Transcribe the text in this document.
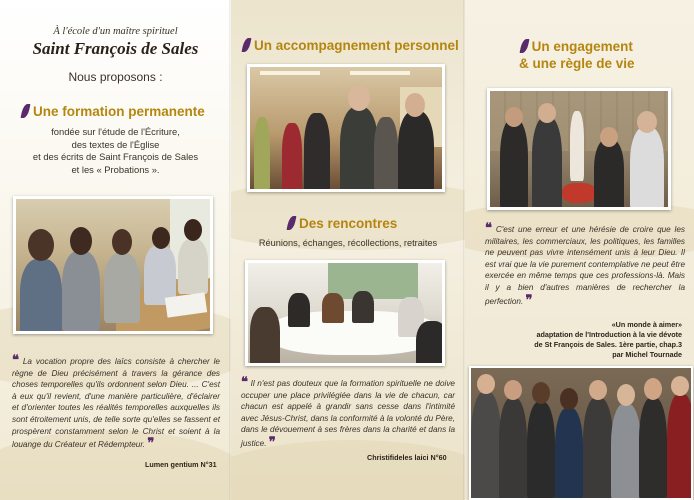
À l'école d'un maître spirituel
Saint François de Sales
Nous proposons :
Une formation permanente
fondée sur l'étude de l'Écriture,
des textes de l'Église
et des écrits de Saint François de Sales
et les « Probations ».
❝ La vocation propre des laïcs consiste à chercher le règne de Dieu précisément à travers la gérance des choses temporelles qu'ils ordonnent selon Dieu. ... C'est à eux qu'il revient, d'une manière particulière, d'éclairer et d'orienter toutes les réalités temporelles auxquelles ils sont étroitement unis, de telle sorte qu'elles se fassent et prospèrent constamment selon le Christ et soient à la louange du Créateur et Rédempteur. ❞
Lumen gentium N°31
Un accompagnement personnel
Des rencontres
Réunions, échanges, récollections, retraites
❝ Il n'est pas douteux que la formation spirituelle ne doive occuper une place privilégiée dans la vie de chacun, car chacun est appelé à grandir sans cesse dans l'intimité avec Jésus-Christ, dans la conformité à la volonté du Père, dans le dévouement à ses frères dans la charité et dans la justice. ❞
Christifideles laici N°60
Un engagement
& une règle de vie
❝ C'est une erreur et une hérésie de croire que les militaires, les commerciaux, les politiques, les familles ne peuvent pas vivre intensément unis à leur Dieu. Il est vrai que la vie purement contemplative ne peut être exercée en même temps que ces professions-là. Mais il y a bien d'autres manières de rechercher la perfection. ❞
«Un monde à aimer»
adaptation de l'Introduction à la vie dévote
de St François de Sales. 1ère partie, chap.3
par Michel Tournade
